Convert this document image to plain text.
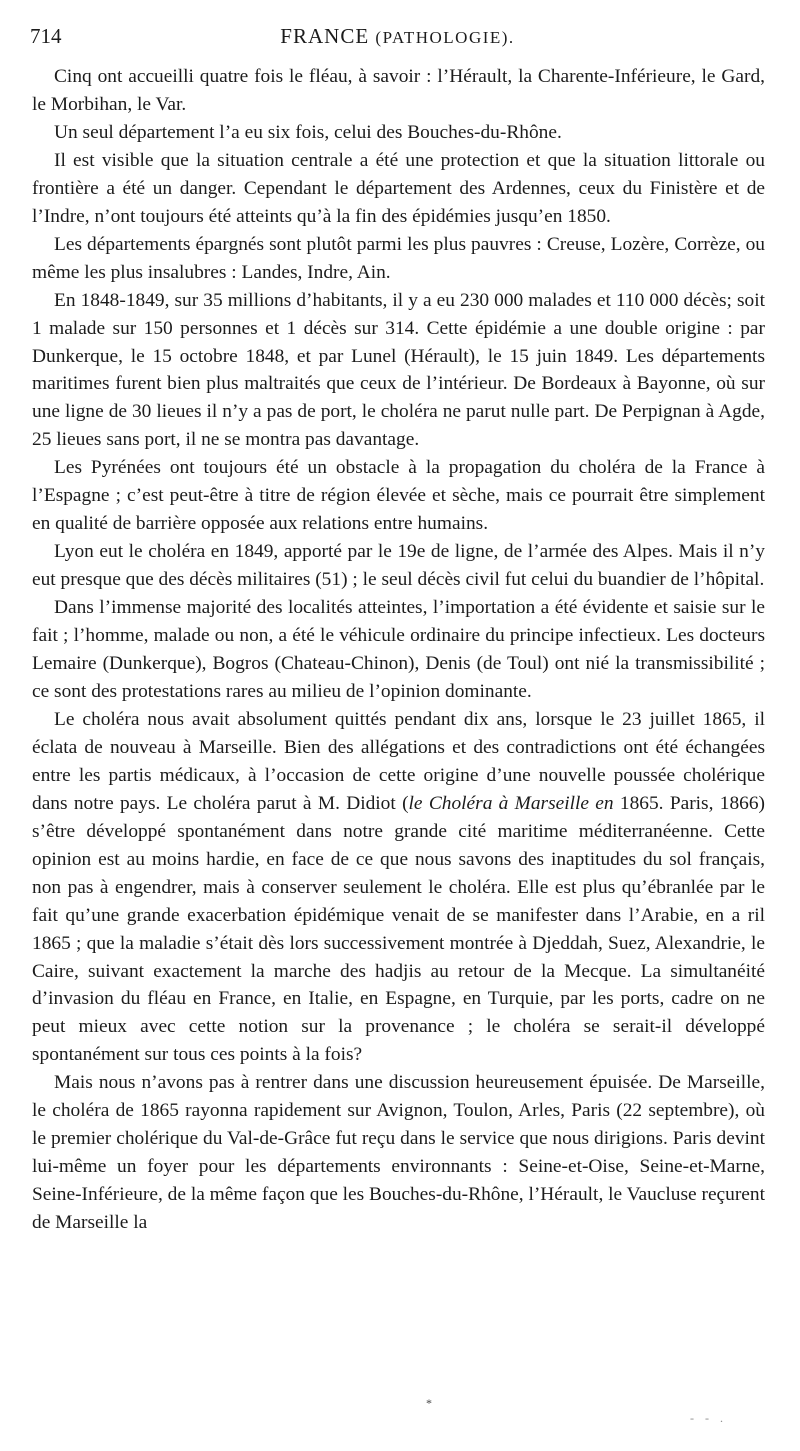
714	FRANCE (PATHOLOGIE).

Cinq ont accueilli quatre fois le fléau, à savoir : l’Hérault, la Charente-Inférieure, le Gard, le Morbihan, le Var.

Un seul département l’a eu six fois, celui des Bouches-du-Rhône.

Il est visible que la situation centrale a été une protection et que la situation littorale ou frontière a été un danger. Cependant le département des Ardennes, ceux du Finistère et de l’Indre, n’ont toujours été atteints qu’à la fin des épidémies jusqu’en 1850.

Les départements épargnés sont plutôt parmi les plus pauvres : Creuse, Lozère, Corrèze, ou même les plus insalubres : Landes, Indre, Ain.

En 1848-1849, sur 35 millions d’habitants, il y a eu 230 000 malades et 110 000 décès; soit 1 malade sur 150 personnes et 1 décès sur 314. Cette épidémie a une double origine : par Dunkerque, le 15 octobre 1848, et par Lunel (Hérault), le 15 juin 1849. Les départements maritimes furent bien plus maltraités que ceux de l’intérieur. De Bordeaux à Bayonne, où sur une ligne de 30 lieues il n’y a pas de port, le choléra ne parut nulle part. De Perpignan à Agde, 25 lieues sans port, il ne se montra pas davantage.

Les Pyrénées ont toujours été un obstacle à la propagation du choléra de la France à l’Espagne ; c’est peut-être à titre de région élevée et sèche, mais ce pourrait être simplement en qualité de barrière opposée aux relations entre humains.

Lyon eut le choléra en 1849, apporté par le 19e de ligne, de l’armée des Alpes. Mais il n’y eut presque que des décès militaires (51) ; le seul décès civil fut celui du buandier de l’hôpital.

Dans l’immense majorité des localités atteintes, l’importation a été évidente et saisie sur le fait ; l’homme, malade ou non, a été le véhicule ordinaire du principe infectieux. Les docteurs Lemaire (Dunkerque), Bogros (Chateau-Chinon), Denis (de Toul) ont nié la transmissibilité ; ce sont des protestations rares au milieu de l’opinion dominante.

Le choléra nous avait absolument quittés pendant dix ans, lorsque le 23 juillet 1865, il éclata de nouveau à Marseille. Bien des allégations et des contradictions ont été échangées entre les partis médicaux, à l’occasion de cette origine d’une nouvelle poussée cholérique dans notre pays. Le choléra parut à M. Didiot (le Choléra à Marseille en 1865. Paris, 1866) s’être développé spontanément dans notre grande cité maritime méditerranéenne. Cette opinion est au moins hardie, en face de ce que nous savons des inaptitudes du sol français, non pas à engendrer, mais à conserver seulement le choléra. Elle est plus qu’ébranlée par le fait qu’une grande exacerbation épidémique venait de se manifester dans l’Arabie, en a ril 1865 ; que la maladie s’était dès lors successivement montrée à Djeddah, Suez, Alexandrie, le Caire, suivant exactement la marche des hadjis au retour de la Mecque. La simultanéité d’invasion du fléau en France, en Italie, en Espagne, en Turquie, par les ports, cadre on ne peut mieux avec cette notion sur la provenance ; le choléra se serait-il développé spontanément sur tous ces points à la fois?

Mais nous n’avons pas à rentrer dans une discussion heureusement épuisée. De Marseille, le choléra de 1865 rayonna rapidement sur Avignon, Toulon, Arles, Paris (22 septembre), où le premier cholérique du Val-de-Grâce fut reçu dans le service que nous dirigions. Paris devint lui-même un foyer pour les départements environnants : Seine-et-Oise, Seine-et-Marne, Seine-Inférieure, de la même façon que les Bouches-du-Rhône, l’Hérault, le Vaucluse reçurent de Marseille la

*
- - .
